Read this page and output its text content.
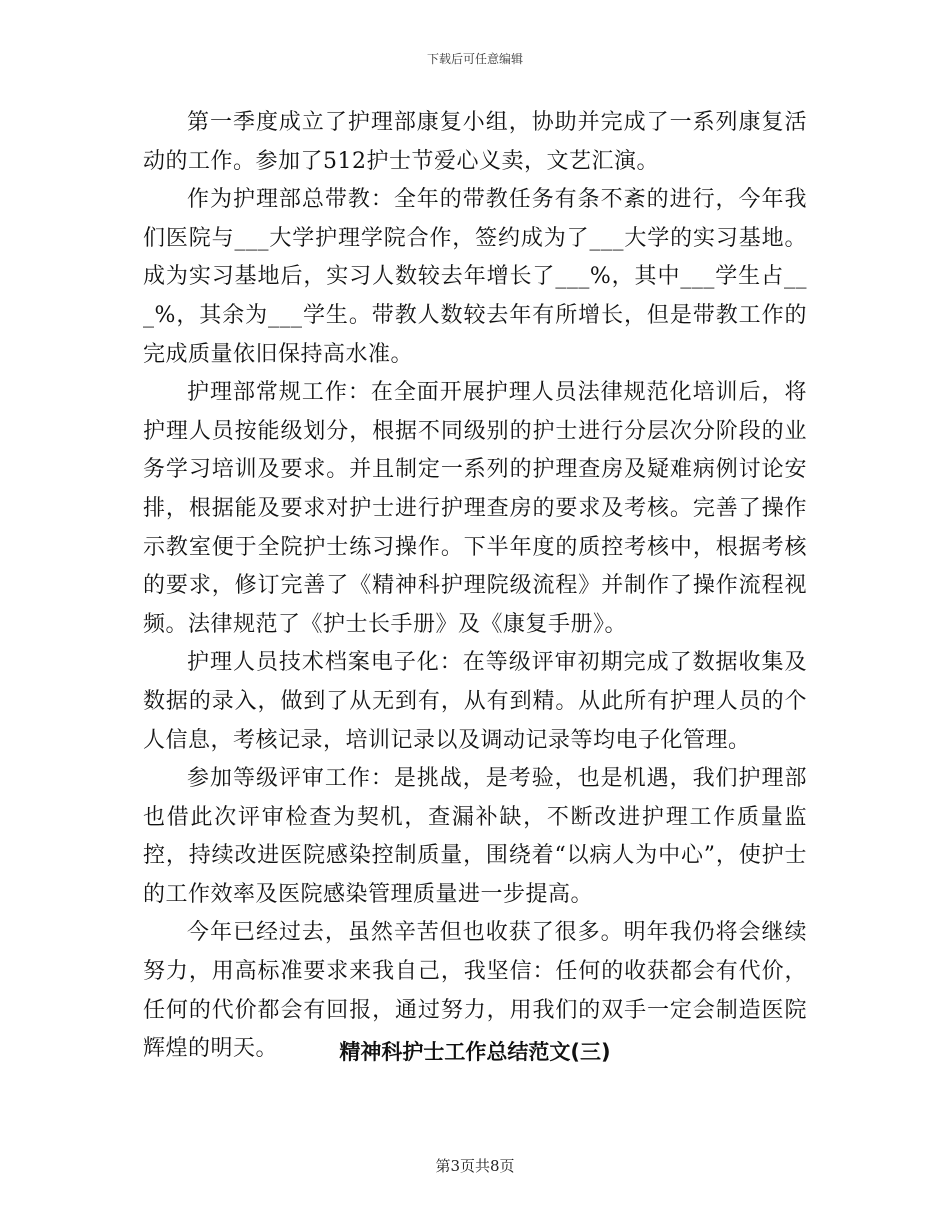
下载后可任意编辑

第一季度成立了护理部康复小组，协助并完成了一系列康复活动的工作。参加了512护士节爱心义卖，文艺汇演。

作为护理部总带教：全年的带教任务有条不紊的进行，今年我们医院与___大学护理学院合作，签约成为了___大学的实习基地。成为实习基地后，实习人数较去年增长了___%，其中___学生占___%，其余为___学生。带教人数较去年有所增长，但是带教工作的完成质量依旧保持高水准。

护理部常规工作：在全面开展护理人员法律规范化培训后，将护理人员按能级划分，根据不同级别的护士进行分层次分阶段的业务学习培训及要求。并且制定一系列的护理查房及疑难病例讨论安排，根据能及要求对护士进行护理查房的要求及考核。完善了操作示教室便于全院护士练习操作。下半年度的质控考核中，根据考核的要求，修订完善了《精神科护理院级流程》并制作了操作流程视频。法律规范了《护士长手册》及《康复手册》。

护理人员技术档案电子化：在等级评审初期完成了数据收集及数据的录入，做到了从无到有，从有到精。从此所有护理人员的个人信息，考核记录，培训记录以及调动记录等均电子化管理。

参加等级评审工作：是挑战，是考验，也是机遇，我们护理部也借此次评审检查为契机，查漏补缺，不断改进护理工作质量监控，持续改进医院感染控制质量，围绕着“以病人为中心”，使护士的工作效率及医院感染管理质量进一步提高。

今年已经过去，虽然辛苦但也收获了很多。明年我仍将会继续努力，用高标准要求来我自己，我坚信：任何的收获都会有代价，任何的代价都会有回报，通过努力，用我们的双手一定会制造医院辉煌的明天。	精神科护士工作总结范文(三)
第3页共8页
